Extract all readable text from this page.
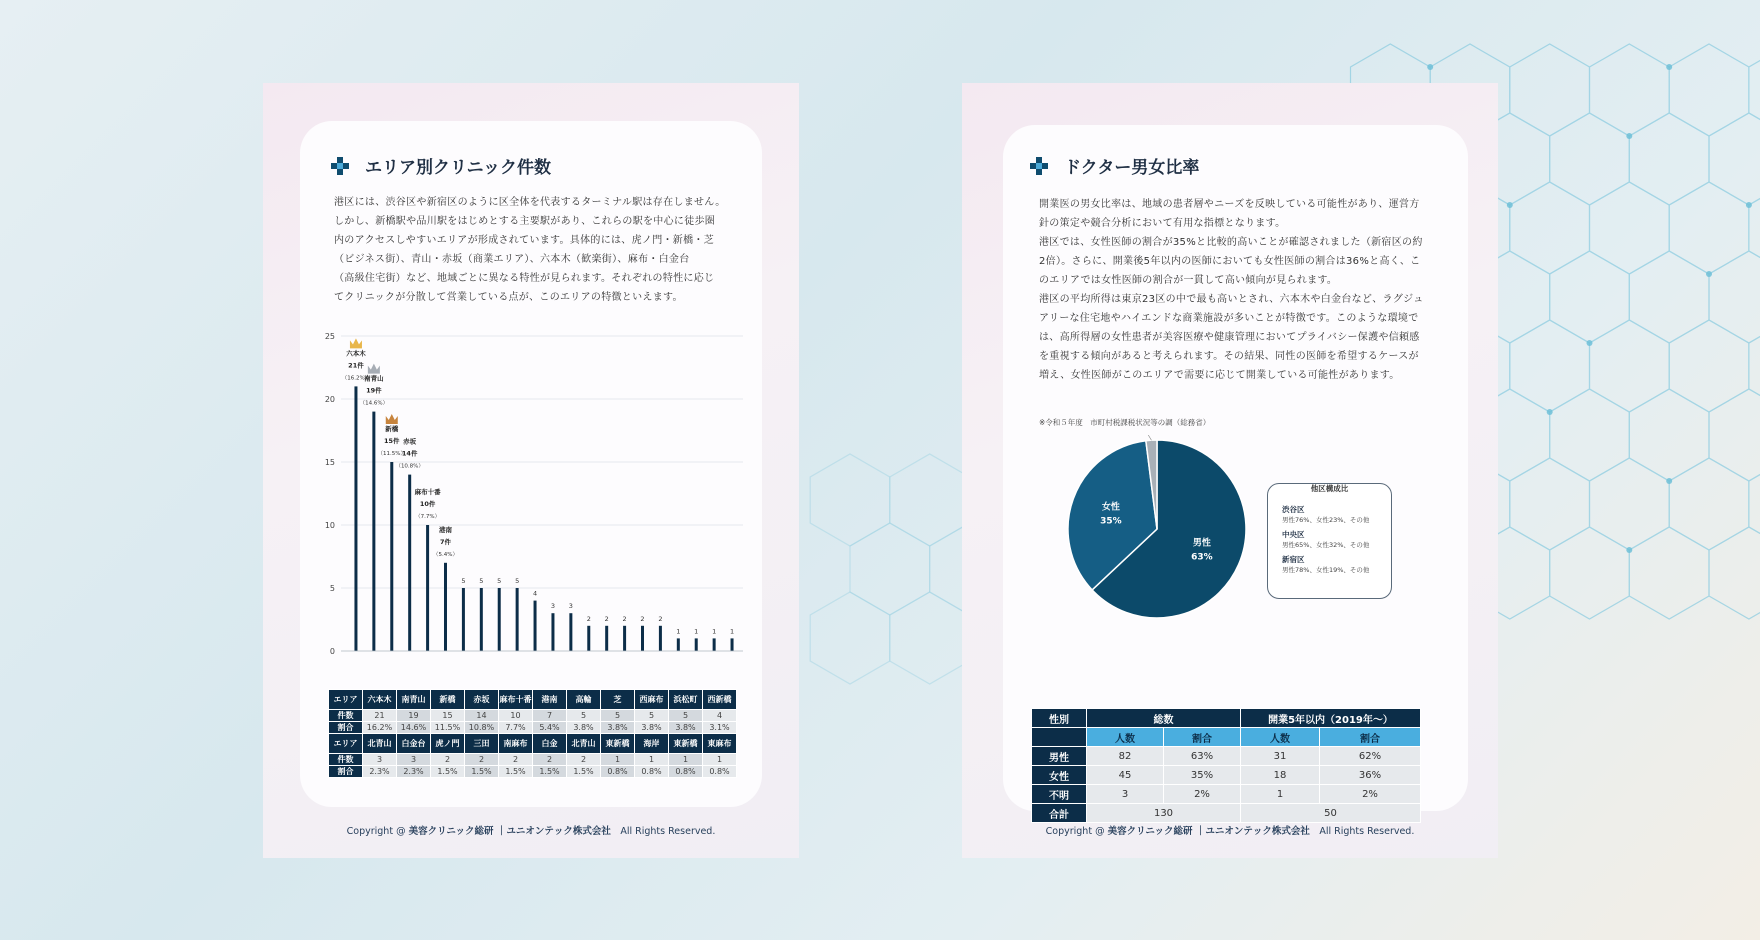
エリア別クリニック件数

港区には、渋谷区や新宿区のように区全体を代表するターミナル駅は存在しません。

しかし、新橋駅や品川駅をはじめとする主要駅があり、これらの駅を中心に徒歩圏

内のアクセスしやすいエリアが形成されています。具体的には、虎ノ門・新橋・芝

（ビジネス街）、青山・赤坂（商業エリア）、六本木（歓楽街）、麻布・白金台

（高級住宅街）など、地域ごとに異なる特性が見られます。それぞれの特性に応じ

てクリニックが分散して営業している点が、このエリアの特徴といえます。

0
5
10
15
20
25
六本木
21件
（16.2%）
南青山
19件
（14.6%）
新橋
15件
（11.5%）
赤坂
14件
（10.8%）
麻布十番
10件
（7.7%）
港南
7件
（5.4%）
5 5 5 5
4
3 3
2 2 2 2 2
1 1 1 1
エリア	六本木	南青山	新橋	赤坂	麻布十番	港南	高輪	芝	西麻布	浜松町	西新橋
件数	21	19	15	14	10	7	5	5	5	5	4
割合	16.2%	14.6%	11.5%	10.8%	7.7%	5.4%	3.8%	3.8%	3.8%	3.8%	3.1%
エリア	北青山	白金台	虎ノ門	三田	南麻布	白金	北青山	東新橋	海岸	東新橋	東麻布
件数	3	3	2	2	2	2	2	1	1	1	1
割合	2.3%	2.3%	1.5%	1.5%	1.5%	1.5%	1.5%	0.8%	0.8%	0.8%	0.8%
Copyright @ 美容クリニック総研 ｜ユニオンテック株式会社　All Rights Reserved.
ドクター男女比率

開業医の男女比率は、地域の患者層やニーズを反映している可能性があり、運営方

針の策定や競合分析において有用な指標となります。

港区では、女性医師の割合が35%と比較的高いことが確認されました（新宿区の約

2倍）。さらに、開業後5年以内の医師においても女性医師の割合は36%と高く、こ

のエリアでは女性医師の割合が一貫して高い傾向が見られます。

港区の平均所得は東京23区の中で最も高いとされ、六本木や白金台など、ラグジュ

アリーな住宅地やハイエンドな商業施設が多いことが特徴です。このような環境で

は、高所得層の女性患者が美容医療や健康管理においてプライバシー保護や信頼感

を重視する傾向があると考えられます。その結果、同性の医師を希望するケースが

増え、女性医師がこのエリアで需要に応じて開業している可能性があります。

※令和５年度　市町村税課税状況等の調（総務省）
男性
63%
女性
35%
他区構成比
渋谷区
男性76%、女性23%、その他
中央区
男性65%、女性32%、その他
新宿区
男性78%、女性19%、その他
性別	総数		開業5年以内（2019年〜）	
	人数	割合	人数	割合
男性	82	63%	31	62%
女性	45	35%	18	36%
不明	3	2%	1	2%
合計	130		50	
Copyright @ 美容クリニック総研 ｜ユニオンテック株式会社　All Rights Reserved.
